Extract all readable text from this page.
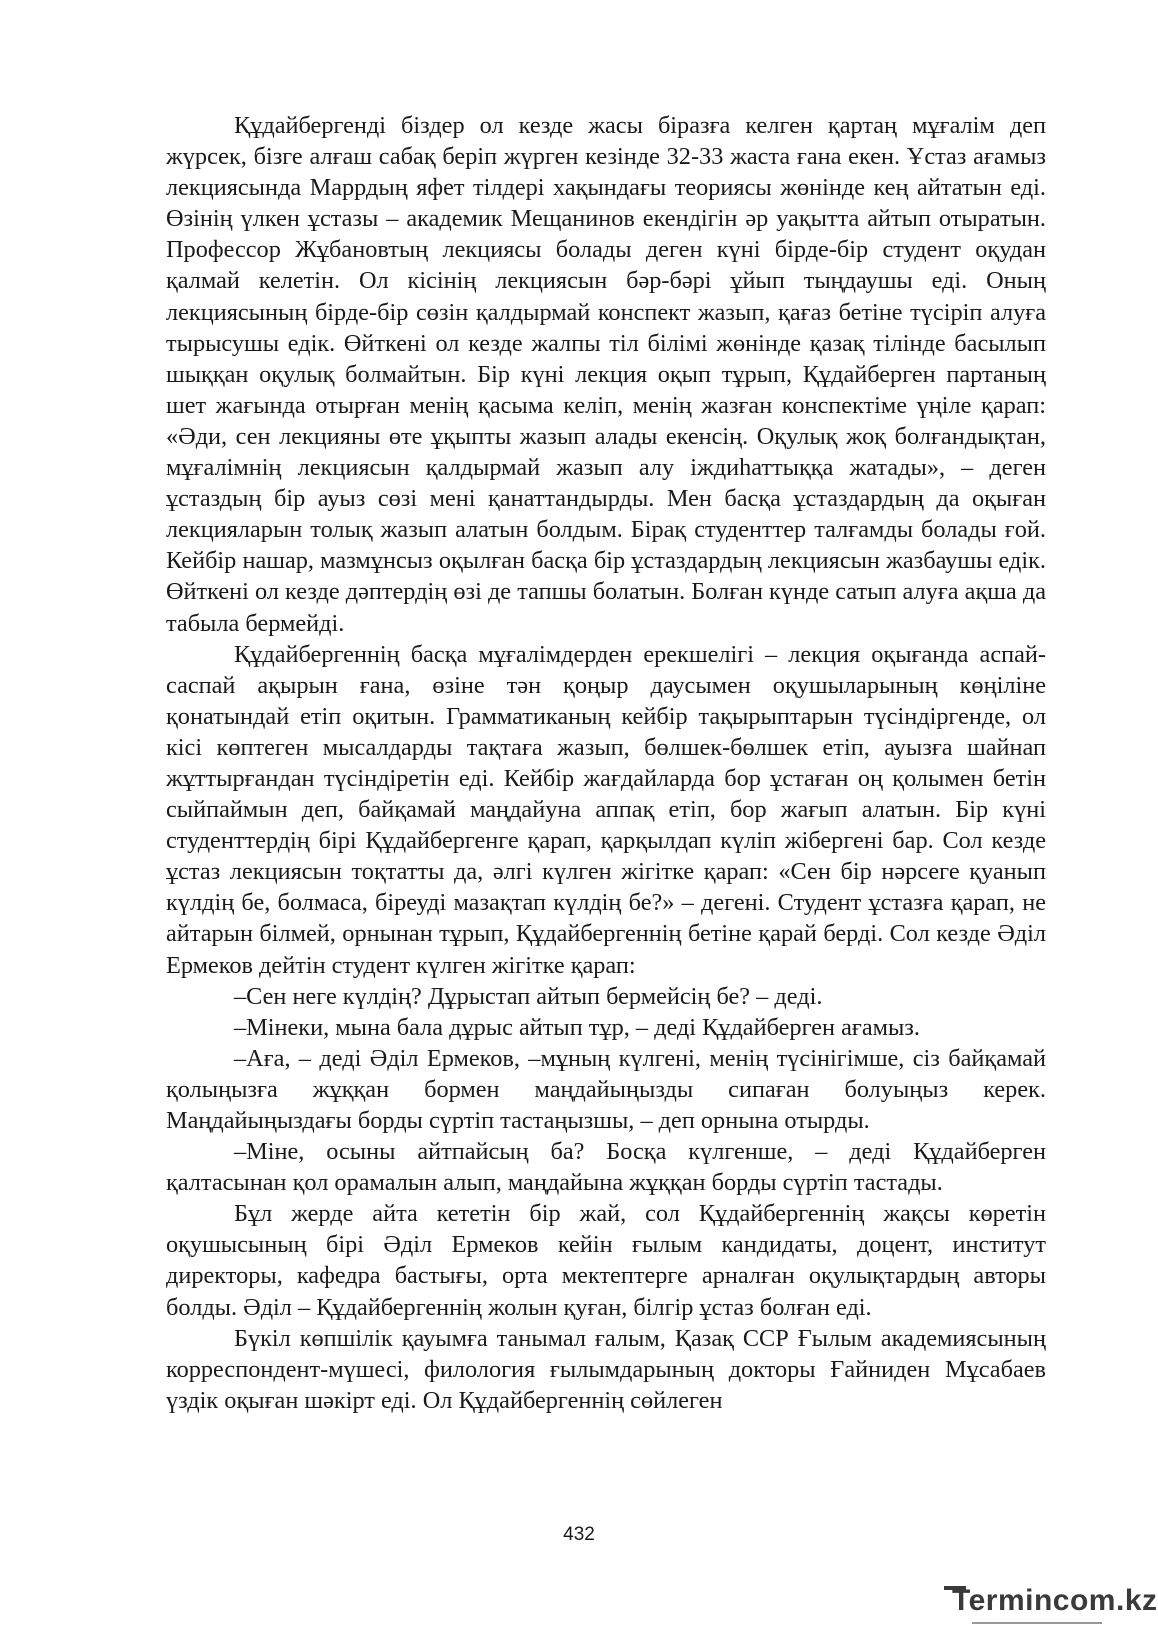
Құдайбергенді біздер ол кезде жасы біразға келген қартаң мұғалім деп жүрсек, бізге алғаш сабақ беріп жүрген кезінде 32-33 жаста ғана екен. Ұстаз ағамыз лекциясында Маррдың яфет тілдері хақындағы теориясы жөнінде кең айтатын еді. Өзінің үлкен ұстазы – академик Мещанинов екендігін әр уақытта айтып отыратын. Профессор Жұбановтың лекциясы болады деген күні бірде-бір студент оқудан қалмай келетін. Ол кісінің лекциясын бәр-бәрі ұйып тыңдаушы еді. Оның лекциясының бірде-бір сөзін қалдырмай конспект жазып, қағаз бетіне түсіріп алуға тырысушы едік. Өйткені ол кезде жалпы тіл білімі жөнінде қазақ тілінде басылып шыққан оқулық болмайтын. Бір күні лекция оқып тұрып, Құдайберген партаның шет жағында отырған менің қасыма келіп, менің жазған конспектіме үңіле қарап: «Әди, сен лекцияны өте ұқыпты жазып алады екенсің. Оқулық жоқ болғандықтан, мұғалімнің лекциясын қалдырмай жазып алу іждиһаттыққа жатады», – деген ұстаздың бір ауыз сөзі мені қанаттандырды. Мен басқа ұстаздардың да оқыған лекцияларын толық жазып алатын болдым. Бірақ студенттер талғамды болады ғой. Кейбір нашар, мазмұнсыз оқылған басқа бір ұстаздардың лекциясын жазбаушы едік. Өйткені ол кезде дәптердің өзі де тапшы болатын. Болған күнде сатып алуға ақша да табыла бермейді.

Құдайбергеннің басқа мұғалімдерден ерекшелігі – лекция оқығанда аспай-саспай ақырын ғана, өзіне тән қоңыр даусымен оқушыларының көңіліне қонатындай етіп оқитын. Грамматиканың кейбір тақырыптарын түсіндіргенде, ол кісі көптеген мысалдарды тақтаға жазып, бөлшек-бөлшек етіп, ауызға шайнап жұттырғандан түсіндіретін еді. Кейбір жағдайларда бор ұстаған оң қолымен бетін сыйпаймын деп, байқамай маңдайуна аппақ етіп, бор жағып алатын. Бір күні студенттердің бірі Құдайбергенге қарап, қарқылдап күліп жібергені бар. Сол кезде ұстаз лекциясын тоқтатты да, әлгі күлген жігітке қарап: «Сен бір нәрсеге қуанып күлдің бе, болмаса, біреуді мазақтап күлдің бе?» – дегені. Студент ұстазға қарап, не айтарын білмей, орнынан тұрып, Құдайбергеннің бетіне қарай берді. Сол кезде Әділ Ермеков дейтін студент күлген жігітке қарап:

–Сен неге күлдің? Дұрыстап айтып бермейсің бе? – деді.

–Мінеки, мына бала дұрыс айтып тұр, – деді Құдайберген ағамыз.

–Аға, – деді Әділ Ермеков, –мұның күлгені, менің түсінігімше, сіз байқамай қолыңызға жұққан бормен маңдайыңызды сипаған болуыңыз керек. Маңдайыңыздағы борды сүртіп тастаңызшы, – деп орнына отырды.

–Міне, осыны айтпайсың ба? Босқа күлгенше, – деді Құдайберген қалтасынан қол орамалын алып, маңдайына жұққан борды сүртіп тастады.

Бұл жерде айта кететін бір жай, сол Құдайбергеннің жақсы көретін оқушысының бірі Әділ Ермеков кейін ғылым кандидаты, доцент, институт директоры, кафедра бастығы, орта мектептерге арналған оқулықтардың авторы болды. Әділ – Құдайбергеннің жолын қуған, білгір ұстаз болған еді.

Бүкіл көпшілік қауымға танымал ғалым, Қазақ ССР Ғылым академиясының корреспондент-мүшесі, филология ғылымдарының докторы Ғайниден Мұсабаев үздік оқыған шәкірт еді. Ол Құдайбергеннің сөйлеген

432
Termincom.kz
